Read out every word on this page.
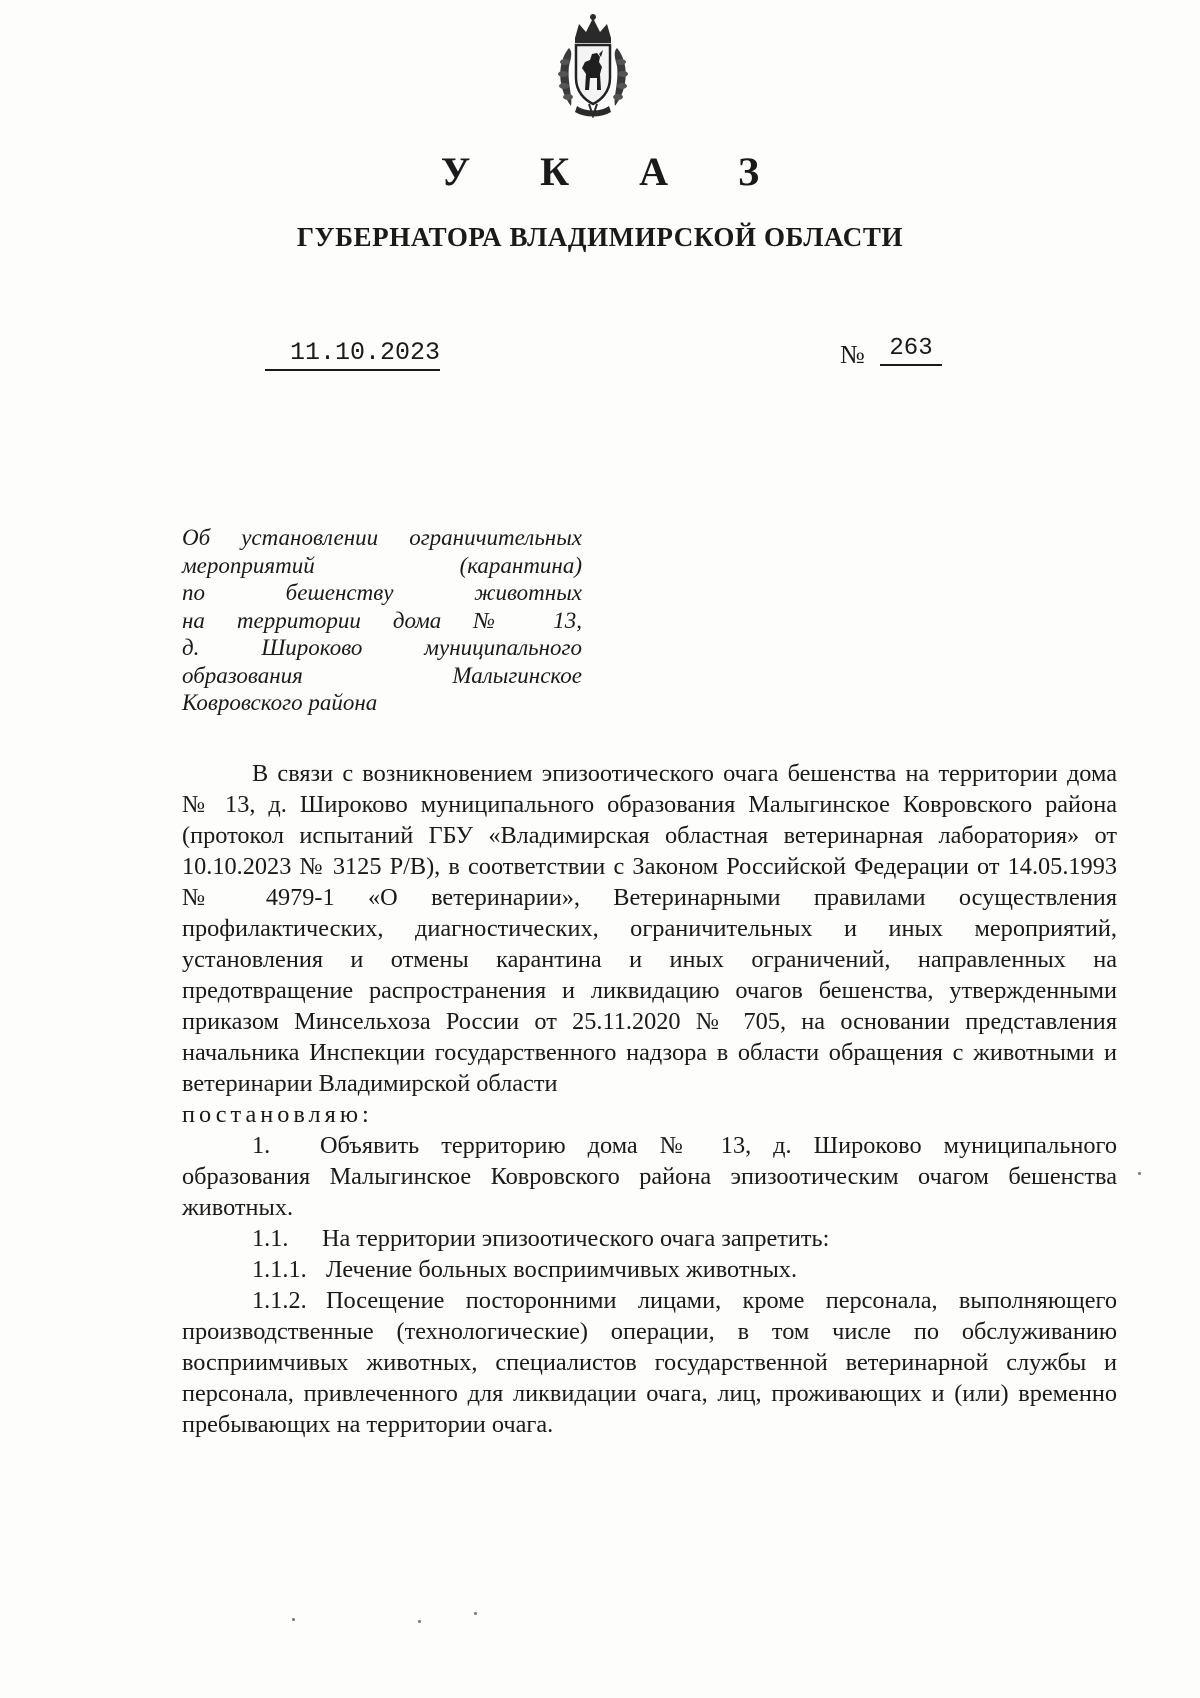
У К А З
ГУБЕРНАТОРА ВЛАДИМИРСКОЙ ОБЛАСТИ
11.10.2023	№	263
Об установлении ограничительных
мероприятий (карантина)
по бешенству животных
на территории дома № 13,
д. Широково муниципального
образования Малыгинское
Ковровского района

В связи с возникновением эпизоотического очага бешенства на территории дома № 13, д. Широково муниципального образования Малыгинское Ковровского района (протокол испытаний ГБУ «Владимирская областная ветеринарная лаборатория» от 10.10.2023 № 3125 Р/В), в соответствии с Законом Российской Федерации от 14.05.1993 № 4979-1 «О ветеринарии», Ветеринарными правилами осуществления профилактических, диагностических, ограничительных и иных мероприятий, установления и отмены карантина и иных ограничений, направленных на предотвращение распространения и ликвидацию очагов бешенства, утвержденными приказом Минсельхоза России от 25.11.2020 № 705, на основании представления начальника Инспекции государственного надзора в области обращения с животными и ветеринарии Владимирской области

постановляю:

1. Объявить территорию дома № 13, д. Широково муниципального образования Малыгинское Ковровского района эпизоотическим очагом бешенства животных.

1.1. На территории эпизоотического очага запретить:

1.1.1. Лечение больных восприимчивых животных.

1.1.2. Посещение посторонними лицами, кроме персонала, выполняющего производственные (технологические) операции, в том числе по обслуживанию восприимчивых животных, специалистов государственной ветеринарной службы и персонала, привлеченного для ликвидации очага, лиц, проживающих и (или) временно пребывающих на территории очага.
